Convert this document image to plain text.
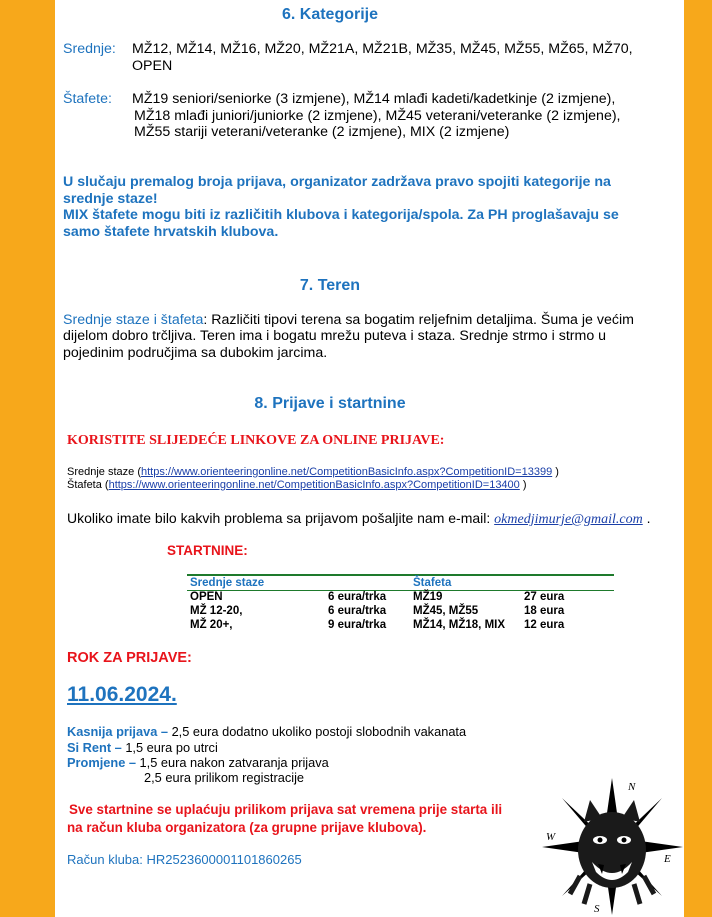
6. Kategorije
Srednje: MŽ12, MŽ14, MŽ16, MŽ20, MŽ21A, MŽ21B, MŽ35, MŽ45, MŽ55, MŽ65, MŽ70,
OPEN
Štafete: MŽ19 seniori/seniorke (3 izmjene), MŽ14 mlađi kadeti/kadetkinje (2 izmjene),
MŽ18 mlađi juniori/juniorke (2 izmjene), MŽ45 veterani/veteranke (2 izmjene),
MŽ55 stariji veterani/veteranke (2 izmjene), MIX (2 izmjene)
U slučaju premalog broja prijava, organizator zadržava pravo spojiti kategorije na
srednje staze!
MIX štafete mogu biti iz različitih klubova i kategorija/spola. Za PH proglašavaju se
samo štafete hrvatskih klubova.
7. Teren
Srednje staze i štafeta: Različiti tipovi terena sa bogatim reljefnim detaljima. Šuma je većim
dijelom dobro trčljiva. Teren ima i bogatu mrežu puteva i staza. Srednje strmo i strmo u
pojedinim područjima sa dubokim jarcima.
8. Prijave i startnine
KORISTITE SLIJEDEĆE LINKOVE ZA ONLINE PRIJAVE:
Srednje staze (https://www.orienteeringonline.net/CompetitionBasicInfo.aspx?CompetitionID=13399 )
Štafeta (https://www.orienteeringonline.net/CompetitionBasicInfo.aspx?CompetitionID=13400 )
Ukoliko imate bilo kakvih problema sa prijavom pošaljite nam e-mail: okmedjimurje@gmail.com .
STARTNINE:
Srednje staze		Štafeta	
OPEN	6 eura/trka	MŽ19	27 eura
MŽ 12-20,	6 eura/trka	MŽ45, MŽ55	18 eura
MŽ 20+,	9 eura/trka	MŽ14, MŽ18, MIX	12 eura
ROK ZA PRIJAVE:
11.06.2024.
Kasnija prijava – 2,5 eura dodatno ukoliko postoji slobodnih vakanata
Si Rent – 1,5 eura po utrci
Promjene – 1,5 eura nakon zatvaranja prijava
2,5 eura prilikom registracije
Sve startnine se uplaćuju prilikom prijava sat vremena prije starta ili
na račun kluba organizatora (za grupne prijave klubova).
Račun kluba: HR2523600001101860265
N
E
S
W
